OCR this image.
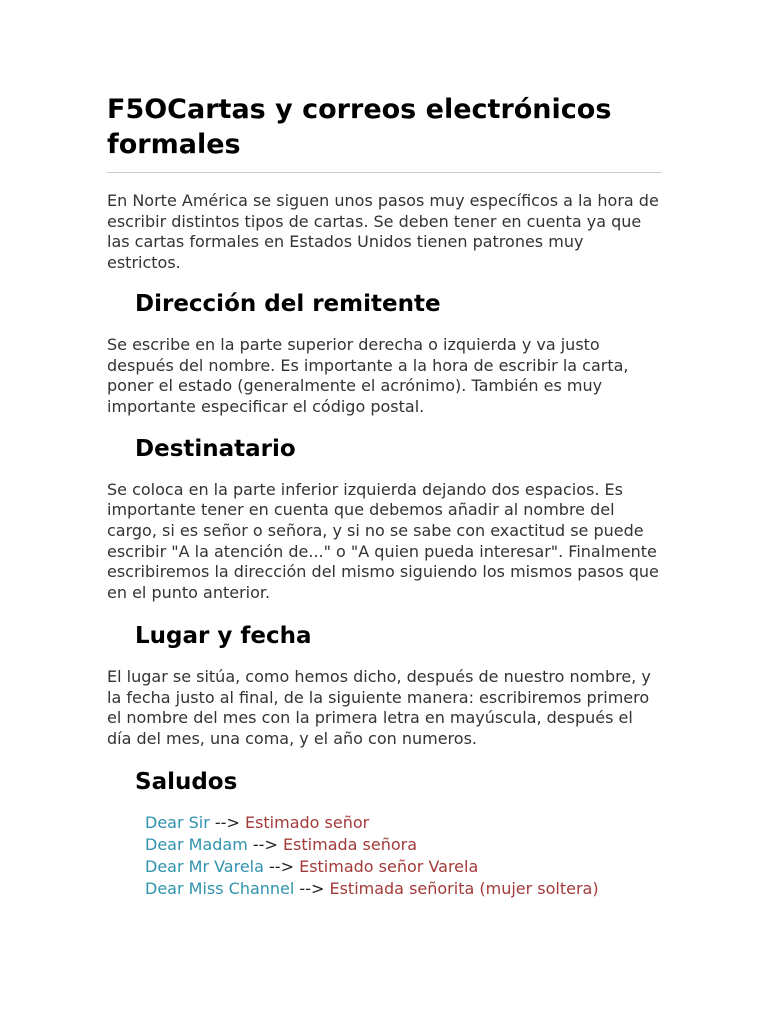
F5OCartas y correos electrónicos formales

En Norte América se siguen unos pasos muy específicos a la hora de escribir distintos tipos de cartas. Se deben tener en cuenta ya que las cartas formales en Estados Unidos tienen patrones muy estrictos.

Dirección del remitente

Se escribe en la parte superior derecha o izquierda y va justo después del nombre. Es importante a la hora de escribir la carta, poner el estado (generalmente el acrónimo). También es muy importante especificar el código postal.

Destinatario

Se coloca en la parte inferior izquierda dejando dos espacios. Es importante tener en cuenta que debemos añadir al nombre del cargo, si es señor o señora, y si no se sabe con exactitud se puede escribir "A la atención de..." o "A quien pueda interesar". Finalmente escribiremos la dirección del mismo siguiendo los mismos pasos que en el punto anterior.

Lugar y fecha

El lugar se sitúa, como hemos dicho, después de nuestro nombre, y la fecha justo al final, de la siguiente manera: escribiremos primero el nombre del mes con la primera letra en mayúscula, después el día del mes, una coma, y el año con numeros.

Saludos
Dear Sir --> Estimado señor
Dear Madam --> Estimada señora
Dear Mr Varela --> Estimado señor Varela
Dear Miss Channel --> Estimada señorita (mujer soltera)
